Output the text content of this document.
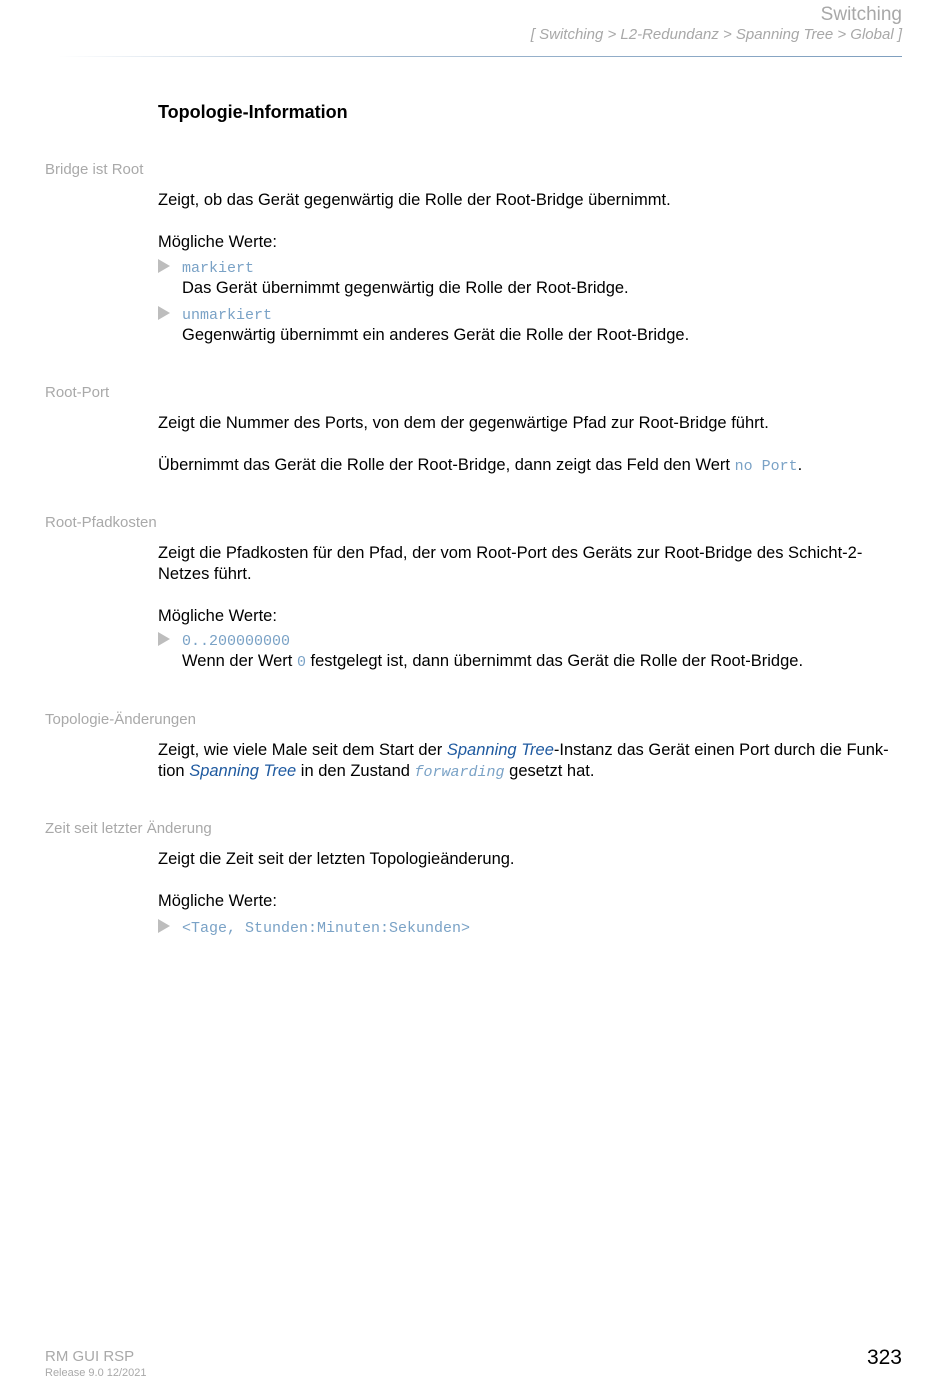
Switching
[ Switching > L2-Redundanz > Spanning Tree > Global ]
Topologie-Information
Bridge ist Root

Zeigt, ob das Gerät gegenwärtig die Rolle der Root-Bridge übernimmt.

Mögliche Werte:

markiert
Das Gerät übernimmt gegenwärtig die Rolle der Root-Bridge.
unmarkiert
Gegenwärtig übernimmt ein anderes Gerät die Rolle der Root-Bridge.
Root-Port

Zeigt die Nummer des Ports, von dem der gegenwärtige Pfad zur Root-Bridge führt.

Übernimmt das Gerät die Rolle der Root-Bridge, dann zeigt das Feld den Wert no Port.

Root-Pfadkosten

Zeigt die Pfadkosten für den Pfad, der vom Root-Port des Geräts zur Root-Bridge des Schicht-2-Netzes führt.

Mögliche Werte:

0..200000000
Wenn der Wert 0 festgelegt ist, dann übernimmt das Gerät die Rolle der Root-Bridge.
Topologie-Änderungen

Zeigt, wie viele Male seit dem Start der Spanning Tree-Instanz das Gerät einen Port durch die Funk-

tion Spanning Tree in den Zustand forwarding gesetzt hat.

Zeit seit letzter Änderung

Zeigt die Zeit seit der letzten Topologieänderung.

Mögliche Werte:

<Tage, Stunden:Minuten:Sekunden>
RM GUI RSP
Release 9.0 12/2021
323
